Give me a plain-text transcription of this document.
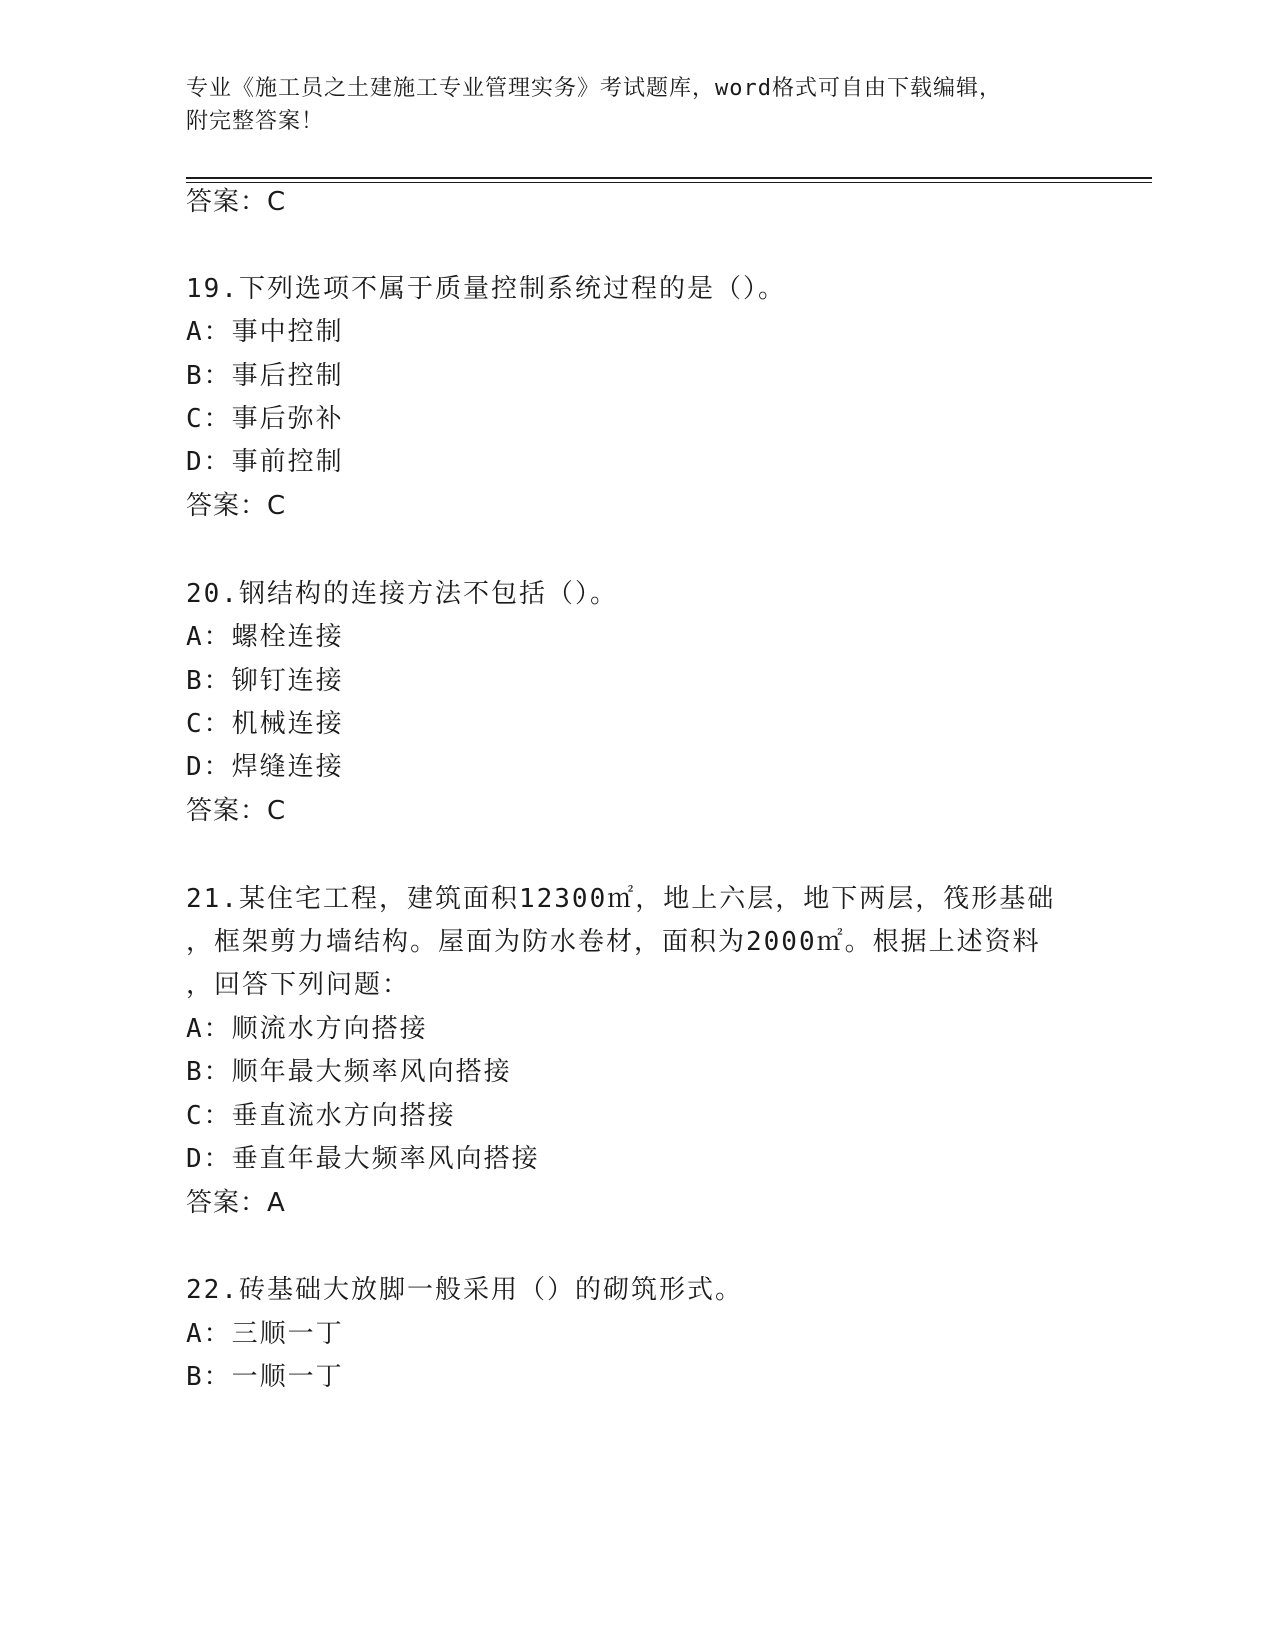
专业《施工员之土建施工专业管理实务》考试题库，word格式可自由下载编辑，
附完整答案！
答案：C
19.下列选项不属于质量控制系统过程的是（）。
A：事中控制
B：事后控制
C：事后弥补
D：事前控制
答案：C
20.钢结构的连接方法不包括（）。
A：螺栓连接
B：铆钉连接
C：机械连接
D：焊缝连接
答案：C
21.某住宅工程，建筑面积12300㎡，地上六层，地下两层，筏形基础
，框架剪力墙结构。屋面为防水卷材，面积为2000㎡。根据上述资料
，回答下列问题：
A：顺流水方向搭接
B：顺年最大频率风向搭接
C：垂直流水方向搭接
D：垂直年最大频率风向搭接
答案：A
22.砖基础大放脚一般采用（）的砌筑形式。
A：三顺一丁
B：一顺一丁
